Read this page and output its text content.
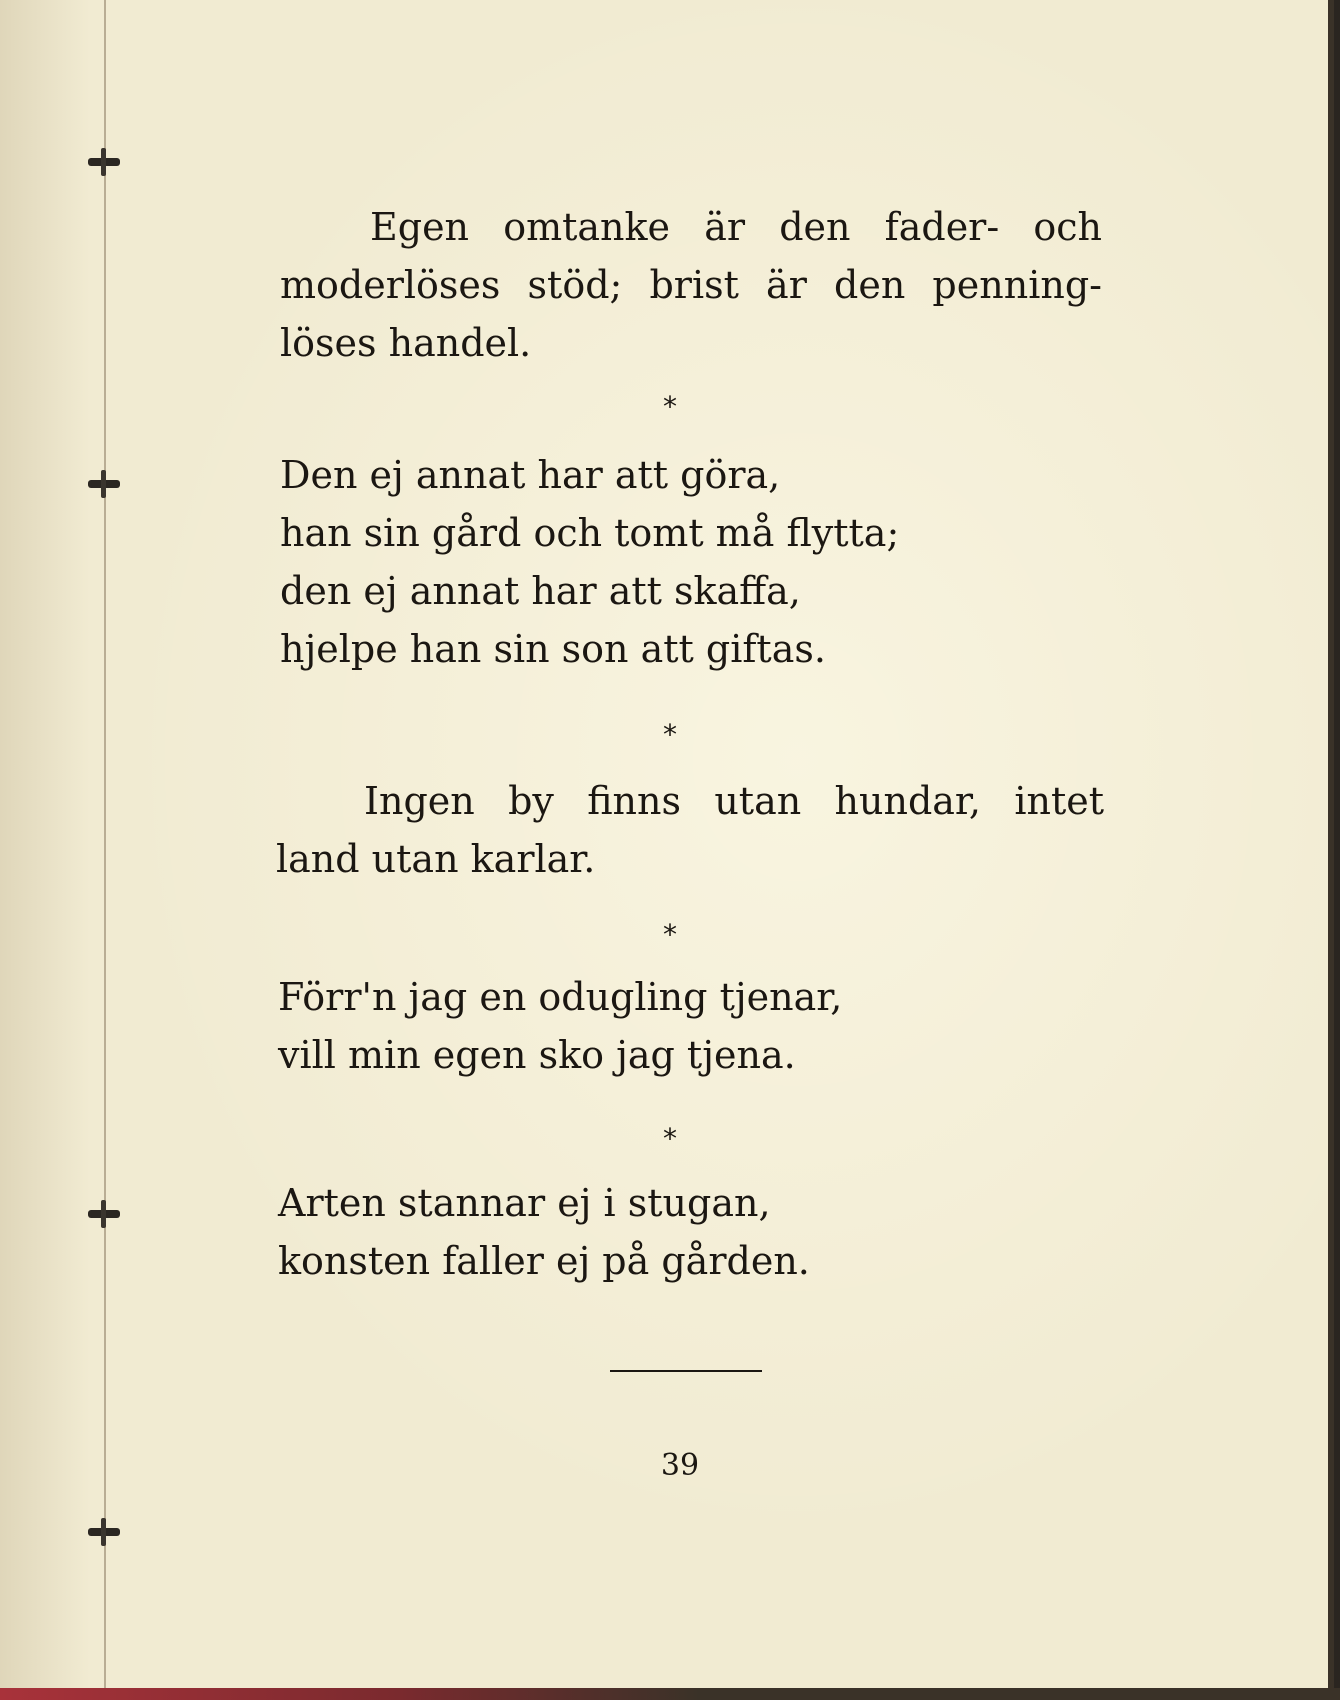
Egen omtanke är den fader- och
moderlöses stöd; brist är den penning-
löses handel.
*
Den ej annat har att göra,
han sin gård och tomt må flytta;
den ej annat har att skaffa,
hjelpe han sin son att giftas.
*
Ingen by finns utan hundar, intet
land utan karlar.
*
Förr'n jag en odugling tjenar,
vill min egen sko jag tjena.
*
Arten stannar ej i stugan,
konsten faller ej på gården.
39
